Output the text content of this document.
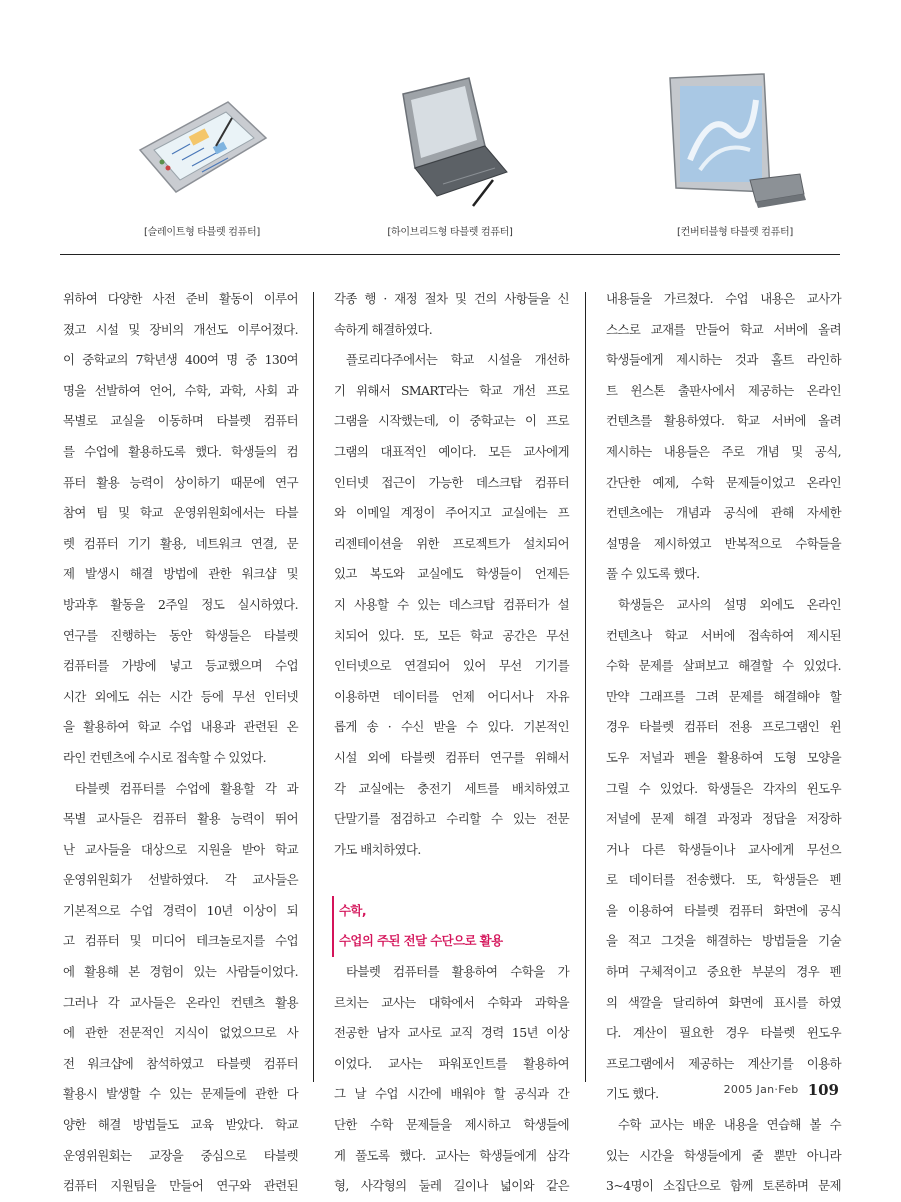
[슬레이트형 타블렛 컴퓨터]	[하이브리드형 타블렛 컴퓨터]	[컨버터블형 타블렛 컴퓨터]
위하여 다양한 사전 준비 활동이 이루어
졌고 시설 및 장비의 개선도 이루어졌다.
이 중학교의 7학년생 400여 명 중 130여
명을 선발하여 언어, 수학, 과학, 사회 과
목별로 교실을 이동하며 타블렛 컴퓨터
를 수업에 활용하도록 했다. 학생들의 컴
퓨터 활용 능력이 상이하기 때문에 연구
참여 팀 및 학교 운영위원회에서는 타블
렛 컴퓨터 기기 활용, 네트워크 연결, 문
제 발생시 해결 방법에 관한 워크샵 및
방과후 활동을 2주일 정도 실시하였다.
연구를 진행하는 동안 학생들은 타블렛
컴퓨터를 가방에 넣고 등교했으며 수업
시간 외에도 쉬는 시간 등에 무선 인터넷
을 활용하여 학교 수업 내용과 관련된 온
라인 컨텐츠에 수시로 접속할 수 있었다.
타블렛 컴퓨터를 수업에 활용할 각 과
목별 교사들은 컴퓨터 활용 능력이 뛰어
난 교사들을 대상으로 지원을 받아 학교
운영위원회가 선발하였다. 각 교사들은
기본적으로 수업 경력이 10년 이상이 되
고 컴퓨터 및 미디어 테크놀로지를 수업
에 활용해 본 경험이 있는 사람들이었다.
그러나 각 교사들은 온라인 컨텐츠 활용
에 관한 전문적인 지식이 없었으므로 사
전 워크샵에 참석하였고 타블렛 컴퓨터
활용시 발생할 수 있는 문제들에 관한 다
양한 해결 방법들도 교육 받았다. 학교
운영위원회는 교장을 중심으로 타블렛
컴퓨터 지원팀을 만들어 연구와 관련된
각종 행 · 재정 절차 및 건의 사항들을 신
속하게 해결하였다.
플로리다주에서는 학교 시설을 개선하
기 위해서 SMART라는 학교 개선 프로
그램을 시작했는데, 이 중학교는 이 프로
그램의 대표적인 예이다. 모든 교사에게
인터넷 접근이 가능한 데스크탑 컴퓨터
와 이메일 계정이 주어지고 교실에는 프
리젠테이션을 위한 프로젝트가 설치되어
있고 복도와 교실에도 학생들이 언제든
지 사용할 수 있는 데스크탑 컴퓨터가 설
치되어 있다. 또, 모든 학교 공간은 무선
인터넷으로 연결되어 있어 무선 기기를
이용하면 데이터를 언제 어디서나 자유
롭게 송 · 수신 받을 수 있다. 기본적인
시설 외에 타블렛 컴퓨터 연구를 위해서
각 교실에는 충전기 세트를 배치하였고
단말기를 점검하고 수리할 수 있는 전문
가도 배치하였다.
수학,
수업의 주된 전달 수단으로 활용
타블렛 컴퓨터를 활용하여 수학을 가
르치는 교사는 대학에서 수학과 과학을
전공한 남자 교사로 교직 경력 15년 이상
이었다. 교사는 파워포인트를 활용하여
그 날 수업 시간에 배워야 할 공식과 간
단한 수학 문제들을 제시하고 학생들에
게 풀도록 했다. 교사는 학생들에게 삼각
형, 사각형의 둘레 길이나 넓이와 같은
내용들을 가르쳤다. 수업 내용은 교사가
스스로 교재를 만들어 학교 서버에 올려
학생들에게 제시하는 것과 홀트 라인하
트 윈스톤 출판사에서 제공하는 온라인
컨텐츠를 활용하였다. 학교 서버에 올려
제시하는 내용들은 주로 개념 및 공식,
간단한 예제, 수학 문제들이었고 온라인
컨텐츠에는 개념과 공식에 관해 자세한
설명을 제시하였고 반복적으로 수학들을
풀 수 있도록 했다.
학생들은 교사의 설명 외에도 온라인
컨텐츠나 학교 서버에 접속하여 제시된
수학 문제를 살펴보고 해결할 수 있었다.
만약 그래프를 그려 문제를 해결해야 할
경우 타블렛 컴퓨터 전용 프로그램인 윈
도우 저널과 펜을 활용하여 도형 모양을
그릴 수 있었다. 학생들은 각자의 윈도우
저널에 문제 해결 과정과 정답을 저장하
거나 다른 학생들이나 교사에게 무선으
로 데이터를 전송했다. 또, 학생들은 펜
을 이용하여 타블렛 컴퓨터 화면에 공식
을 적고 그것을 해결하는 방법들을 기술
하며 구체적이고 중요한 부분의 경우 펜
의 색깔을 달리하여 화면에 표시를 하였
다. 계산이 필요한 경우 타블렛 윈도우
프로그램에서 제공하는 계산기를 이용하
기도 했다.
수학 교사는 배운 내용을 연습해 볼 수
있는 시간을 학생들에게 줄 뿐만 아니라
3~4명이 소집단으로 함께 토론하며 문제
2005 Jan·Feb 109
